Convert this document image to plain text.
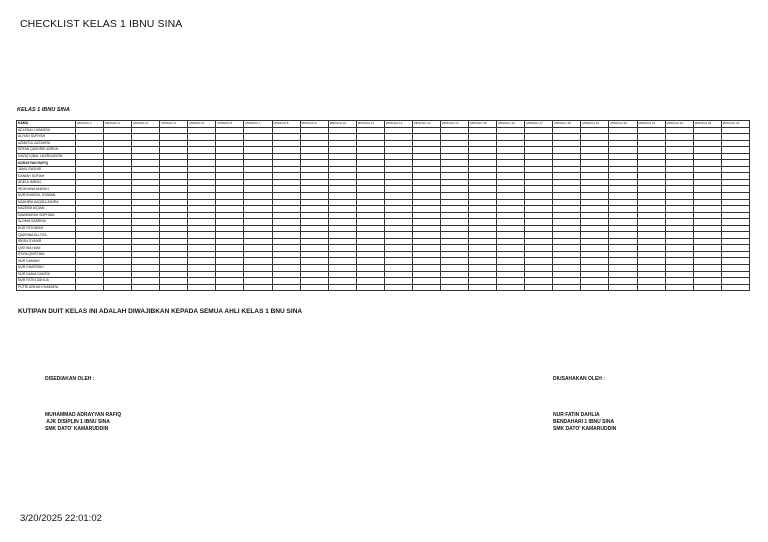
CHECKLIST KELAS 1 IBNU SINA
KELAS 1 IBNU SINA
NAMA	MINGGU 1	MINGGU 2	MINGGU 3	MINGGU 4	MINGGU 5	MINGGU 6	MINGGU 7	MINGGU 8	MINGGU 9	MINGGU 10	MINGGU 11	MINGGU 12	MINGGU 13	MINGGU 14	MINGGU 15	MINGGU 16	MINGGU 17	MINGGU 18	MINGGU 19	MINGGU 20	MINGGU 21	MINGGU 22	MINGGU 23	MINGGU 24
ADLENAL HUMAIRA																								
ALIYAH SUFIYAH																								
AZMATUL AZZAHRA																								
ERFAN QASHRIE ARRUH																								
HAZIQ IQBAL HAZRAUDDIN																								
ADRAYYAN RAFIQ																								
JAMIL RASHID																								
DANIAH SOFIAH																								
ADELA IMRAN																								
IRDHYANA ANIDAH																								
NUR KHAIRUL SYABAN																								
NADHIRA AAQISA ZAHRA																								
NAZEEM AIQIAN																								
NAWWARAH SOPHIAN																								
ALDINA SABRINA																								
NUR FATHIMAH																								
QADRINA ALLYSA																								
IRFAN SYAHIR																								
QISTINA HANI																								
SYIFA QHISTINA																								
NUR DAMIAH																								
NUR DHAFIRAH																								
NUR DANIA SAKIRA																								
NUR FATIN DAHLIA																								
PUTRI AISHAH HUMAIRA																								
KUTIPAN DUIT KELAS INI ADALAH DIWAJIBKAN KEPADA SEMUA AHLI KELAS 1 BNU SINA
DISEDIAKAN OLEH :	DIUSAHAKAN OLEH :
MUHAMMAD ADRAYYAN RAFIQ
AJK DISIPLIN 1 IBNU SINA
SMK DATO' KAMARUDDIN
NUR FATIN DAHLIA
BENDAHARI 1 IBNU SINA
SMK DATO' KAMARUDDIN
3/20/2025 22:01:02
